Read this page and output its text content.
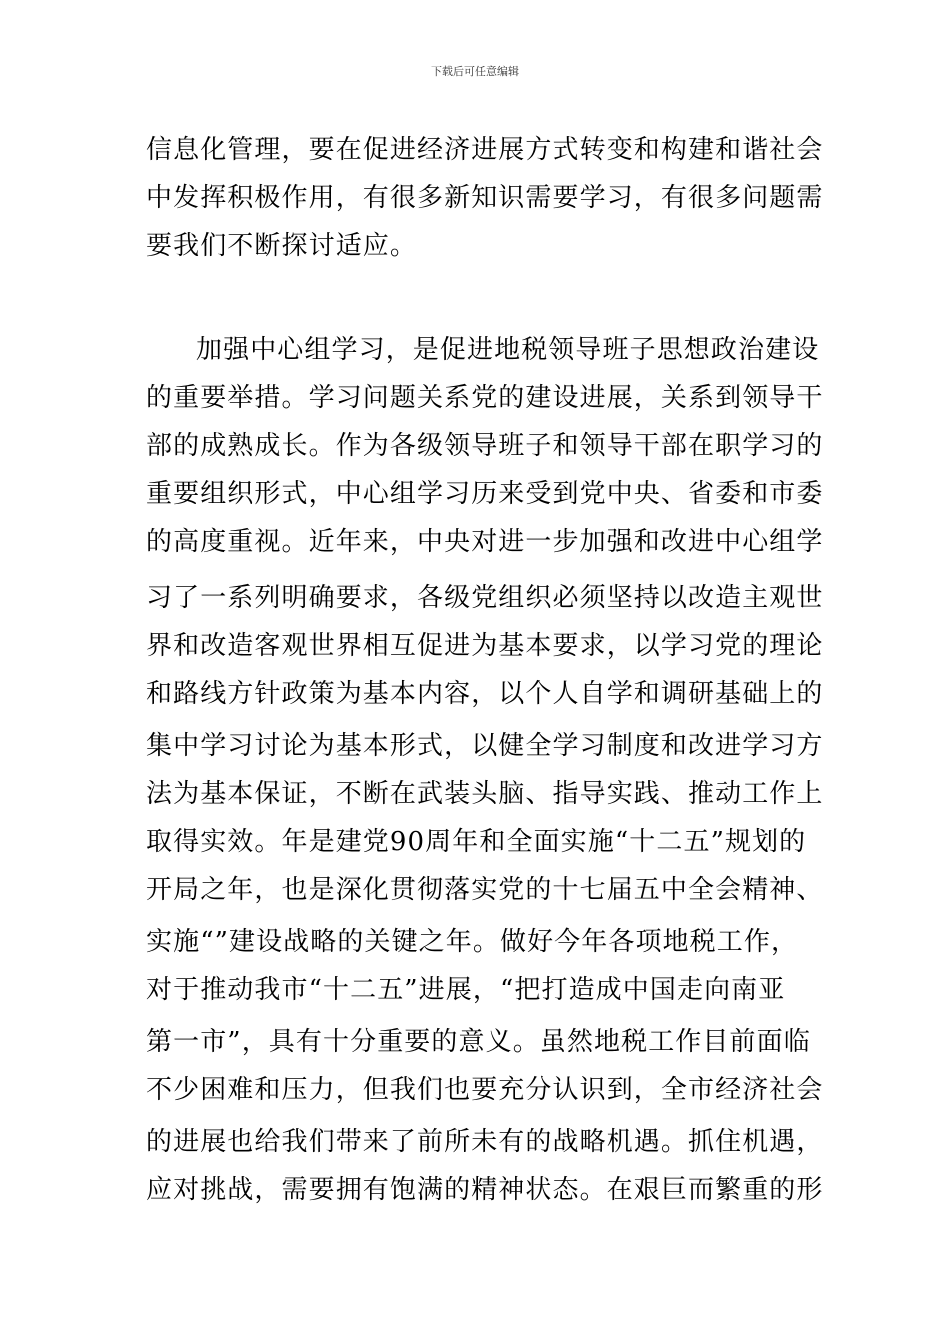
下载后可任意编辑
信息化管理，要在促进经济进展方式转变和构建和谐社会
中发挥积极作用，有很多新知识需要学习，有很多问题需
要我们不断探讨适应。
加强中心组学习，是促进地税领导班子思想政治建设
的重要举措。学习问题关系党的建设进展，关系到领导干
部的成熟成长。作为各级领导班子和领导干部在职学习的
重要组织形式，中心组学习历来受到党中央、省委和市委
的高度重视。近年来，中央对进一步加强和改进中心组学
习了一系列明确要求，各级党组织必须坚持以改造主观世
界和改造客观世界相互促进为基本要求，以学习党的理论
和路线方针政策为基本内容，以个人自学和调研基础上的
集中学习讨论为基本形式，以健全学习制度和改进学习方
法为基本保证，不断在武装头脑、指导实践、推动工作上
取得实效。年是建党90周年和全面实施“十二五”规划的
开局之年，也是深化贯彻落实党的十七届五中全会精神、
实施“”建设战略的关键之年。做好今年各项地税工作，
对于推动我市“十二五”进展，“把打造成中国走向南亚
第一市”，具有十分重要的意义。虽然地税工作目前面临
不少困难和压力，但我们也要充分认识到，全市经济社会
的进展也给我们带来了前所未有的战略机遇。抓住机遇，
应对挑战，需要拥有饱满的精神状态。在艰巨而繁重的形
